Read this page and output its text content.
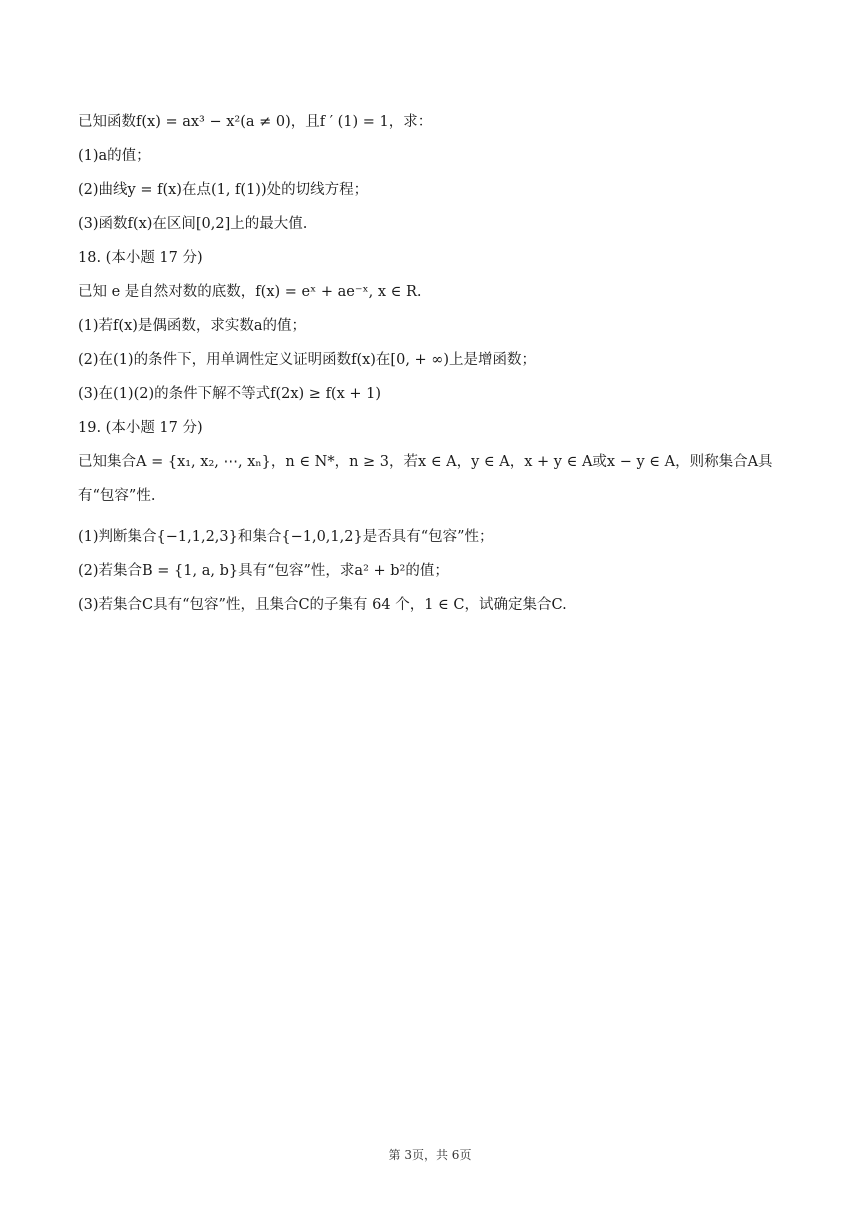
已知函数f(x) = ax³ − x²(a ≠ 0)，且f ′ (1) = 1，求：
(1)a的值；
(2)曲线y = f(x)在点(1, f(1))处的切线方程；
(3)函数f(x)在区间[0,2]上的最大值.
18. (本小题 17 分)
已知 e 是自然对数的底数，f(x) = eˣ + ae⁻ˣ, x ∈ R.
(1)若f(x)是偶函数，求实数a的值；
(2)在(1)的条件下，用单调性定义证明函数f(x)在[0, + ∞)上是增函数；
(3)在(1)(2)的条件下解不等式f(2x) ≥ f(x + 1)
19. (本小题 17 分)
已知集合A = {x₁, x₂, ⋯, xₙ}，n ∈ N*，n ≥ 3，若x ∈ A，y ∈ A，x + y ∈ A或x − y ∈ A，则称集合A具有“包容”性.
(1)判断集合{−1,1,2,3}和集合{−1,0,1,2}是否具有“包容”性；
(2)若集合B = {1, a, b}具有“包容”性，求a² + b²的值；
(3)若集合C具有“包容”性，且集合C的子集有 64 个，1 ∈ C，试确定集合C.
第 3页，共 6页
